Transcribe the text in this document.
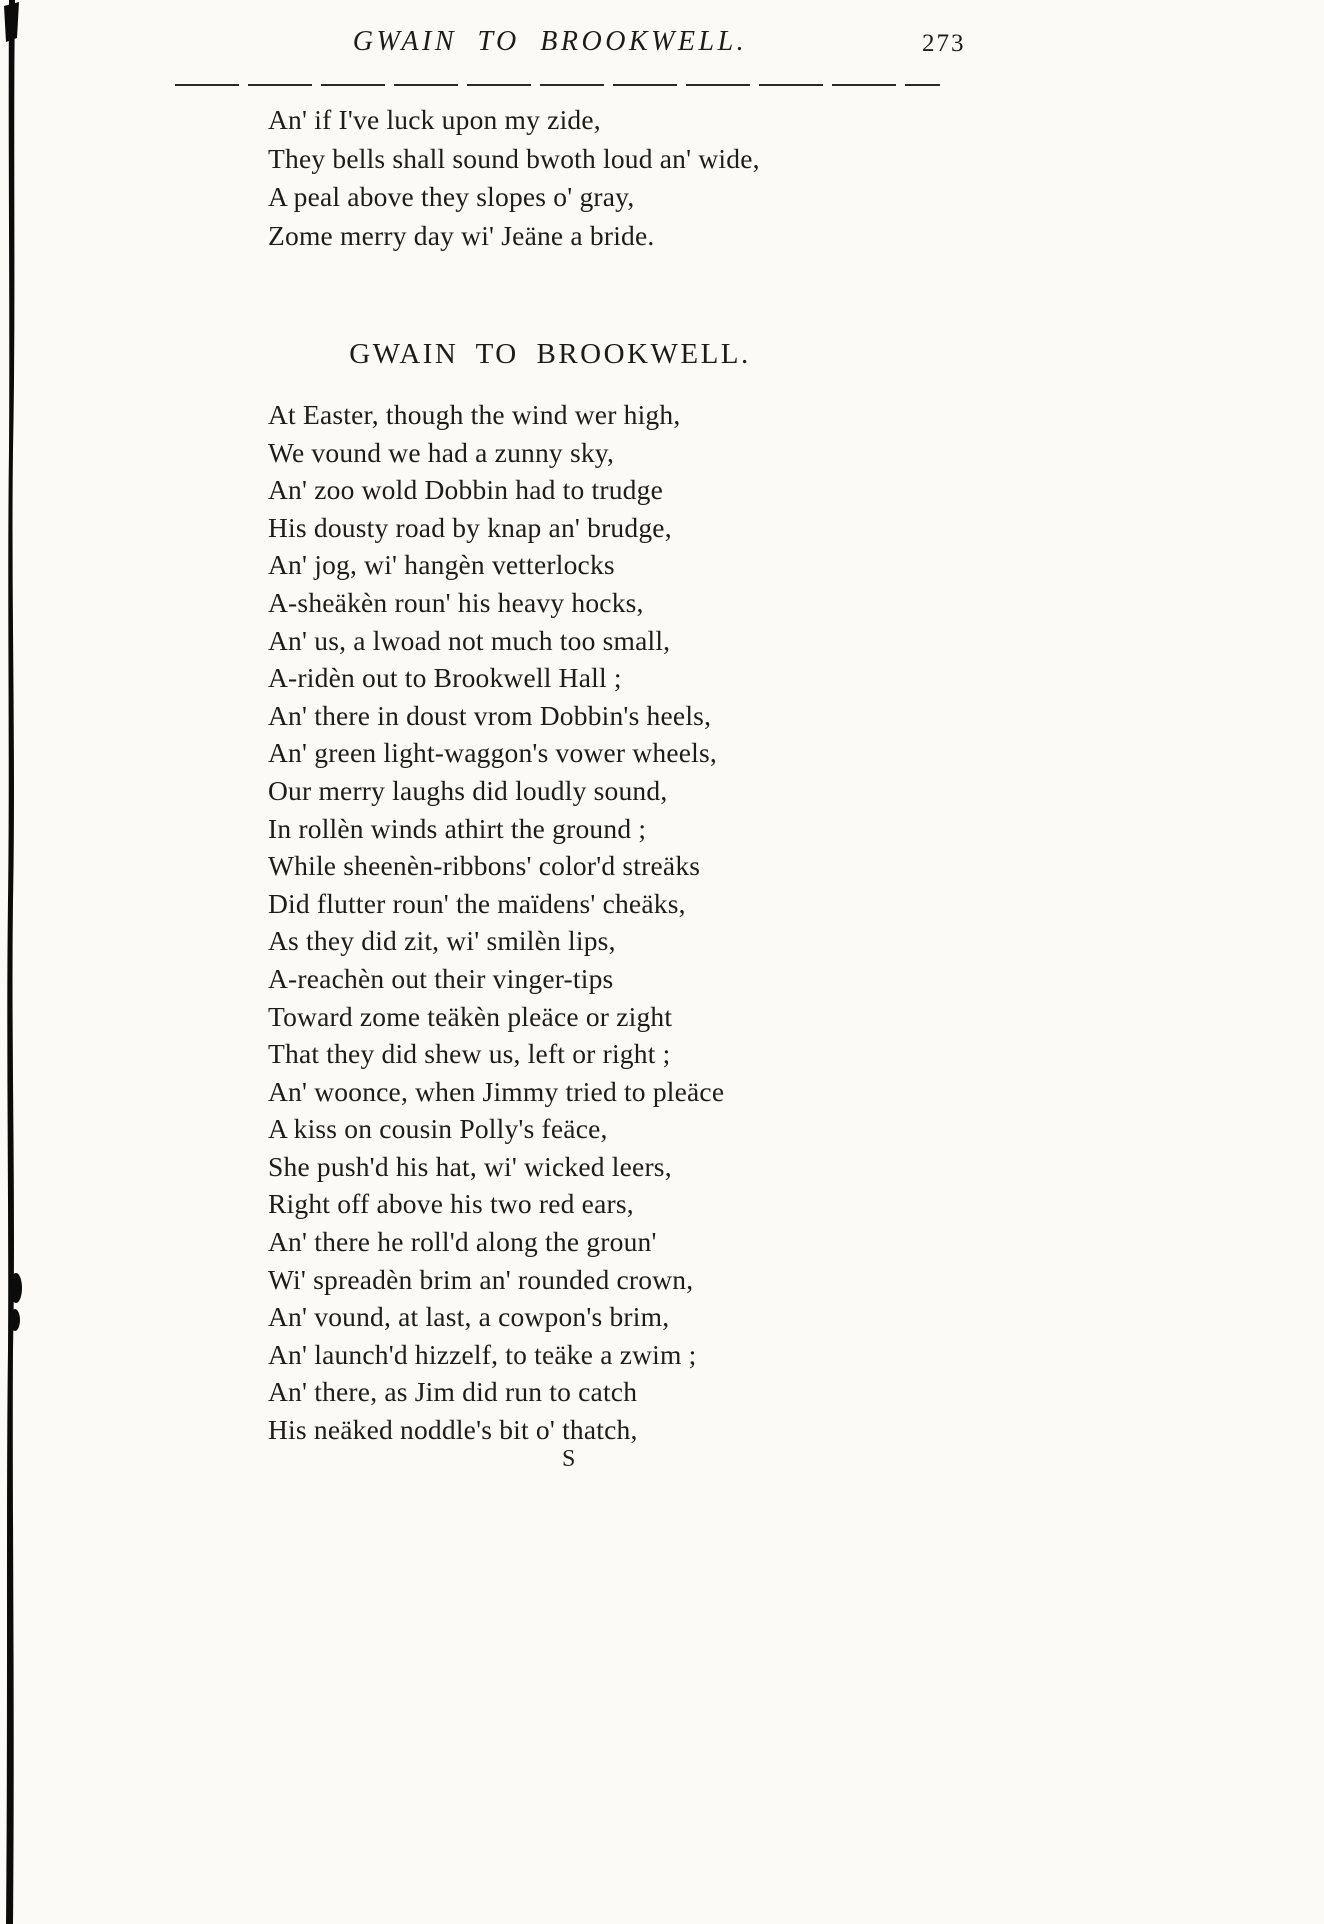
GWAIN TO BROOKWELL.	273
An' if I've luck upon my zide,
They bells shall sound bwoth loud an' wide,
A peal above they slopes o' gray,
Zome merry day wi' Jeäne a bride.
GWAIN TO BROOKWELL.
At Easter, though the wind wer high,
We vound we had a zunny sky,
An' zoo wold Dobbin had to trudge
His dousty road by knap an' brudge,
An' jog, wi' hangèn vetterlocks
A-sheäkèn roun' his heavy hocks,
An' us, a lwoad not much too small,
A-ridèn out to Brookwell Hall ;
An' there in doust vrom Dobbin's heels,
An' green light-waggon's vower wheels,
Our merry laughs did loudly sound,
In rollèn winds athirt the ground ;
While sheenèn-ribbons' color'd streäks
Did flutter roun' the maïdens' cheäks,
As they did zit, wi' smilèn lips,
A-reachèn out their vinger-tips
Toward zome teäkèn pleäce or zight
That they did shew us, left or right ;
An' woonce, when Jimmy tried to pleäce
A kiss on cousin Polly's feäce,
She push'd his hat, wi' wicked leers,
Right off above his two red ears,
An' there he roll'd along the groun'
Wi' spreadèn brim an' rounded crown,
An' vound, at last, a cowpon's brim,
An' launch'd hizzelf, to teäke a zwim ;
An' there, as Jim did run to catch
His neäked noddle's bit o' thatch,
S
